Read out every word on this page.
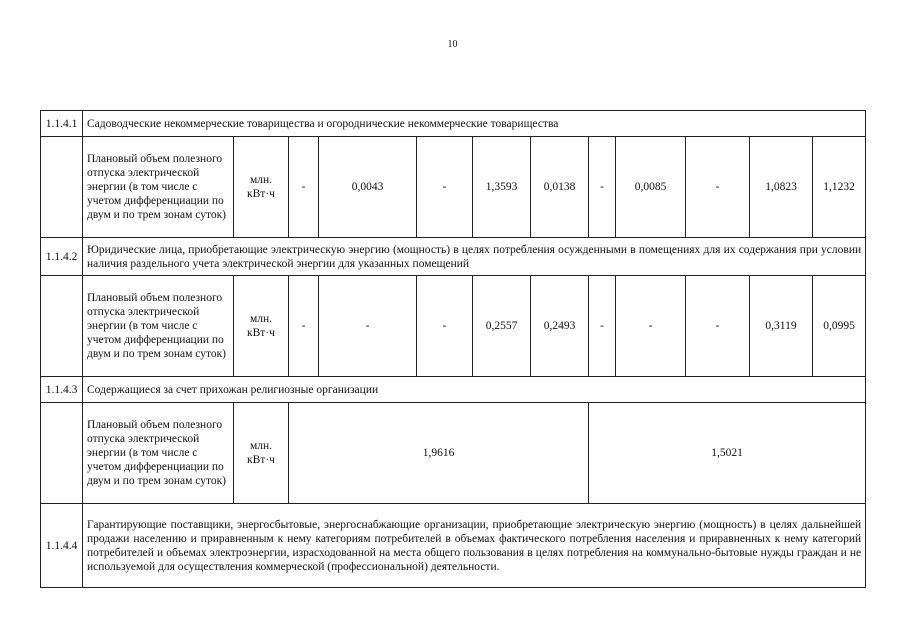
10
1.1.4.1	Садоводческие некоммерческие товарищества и огороднические некоммерческие товарищества											
	Плановый объем полезного отпуска электрической энергии (в том числе с учетом дифференциации по двум и по трем зонам суток)	млн. кВт·ч	-	0,0043	-	1,3593	0,0138	-	0,0085	-	1,0823	1,1232
1.1.4.2	Юридические лица, приобретающие электрическую энергию (мощность) в целях потребления осужденными в помещениях для их содержания при условии наличия раздельного учета электрической энергии для указанных помещений											
	Плановый объем полезного отпуска электрической энергии (в том числе с учетом дифференциации по двум и по трем зонам суток)	млн. кВт·ч	-	-	-	0,2557	0,2493	-	-	-	0,3119	0,0995
1.1.4.3	Содержащиеся за счет прихожан религиозные организации											
	Плановый объем полезного отпуска электрической энергии (в том числе с учетом дифференциации по двум и по трем зонам суток)	млн. кВт·ч	1,9616					1,5021				
1.1.4.4	Гарантирующие поставщики, энергосбытовые, энергоснабжающие организации, приобретающие электрическую энергию (мощность) в целях дальнейшей продажи населению и приравненным к нему категориям потребителей в объемах фактического потребления населения и приравненных к нему категорий потребителей и объемах электроэнергии, израсходованной на места общего пользования в целях потребления на коммунально-бытовые нужды граждан и не используемой для осуществления коммерческой (профессиональной) деятельности.											
